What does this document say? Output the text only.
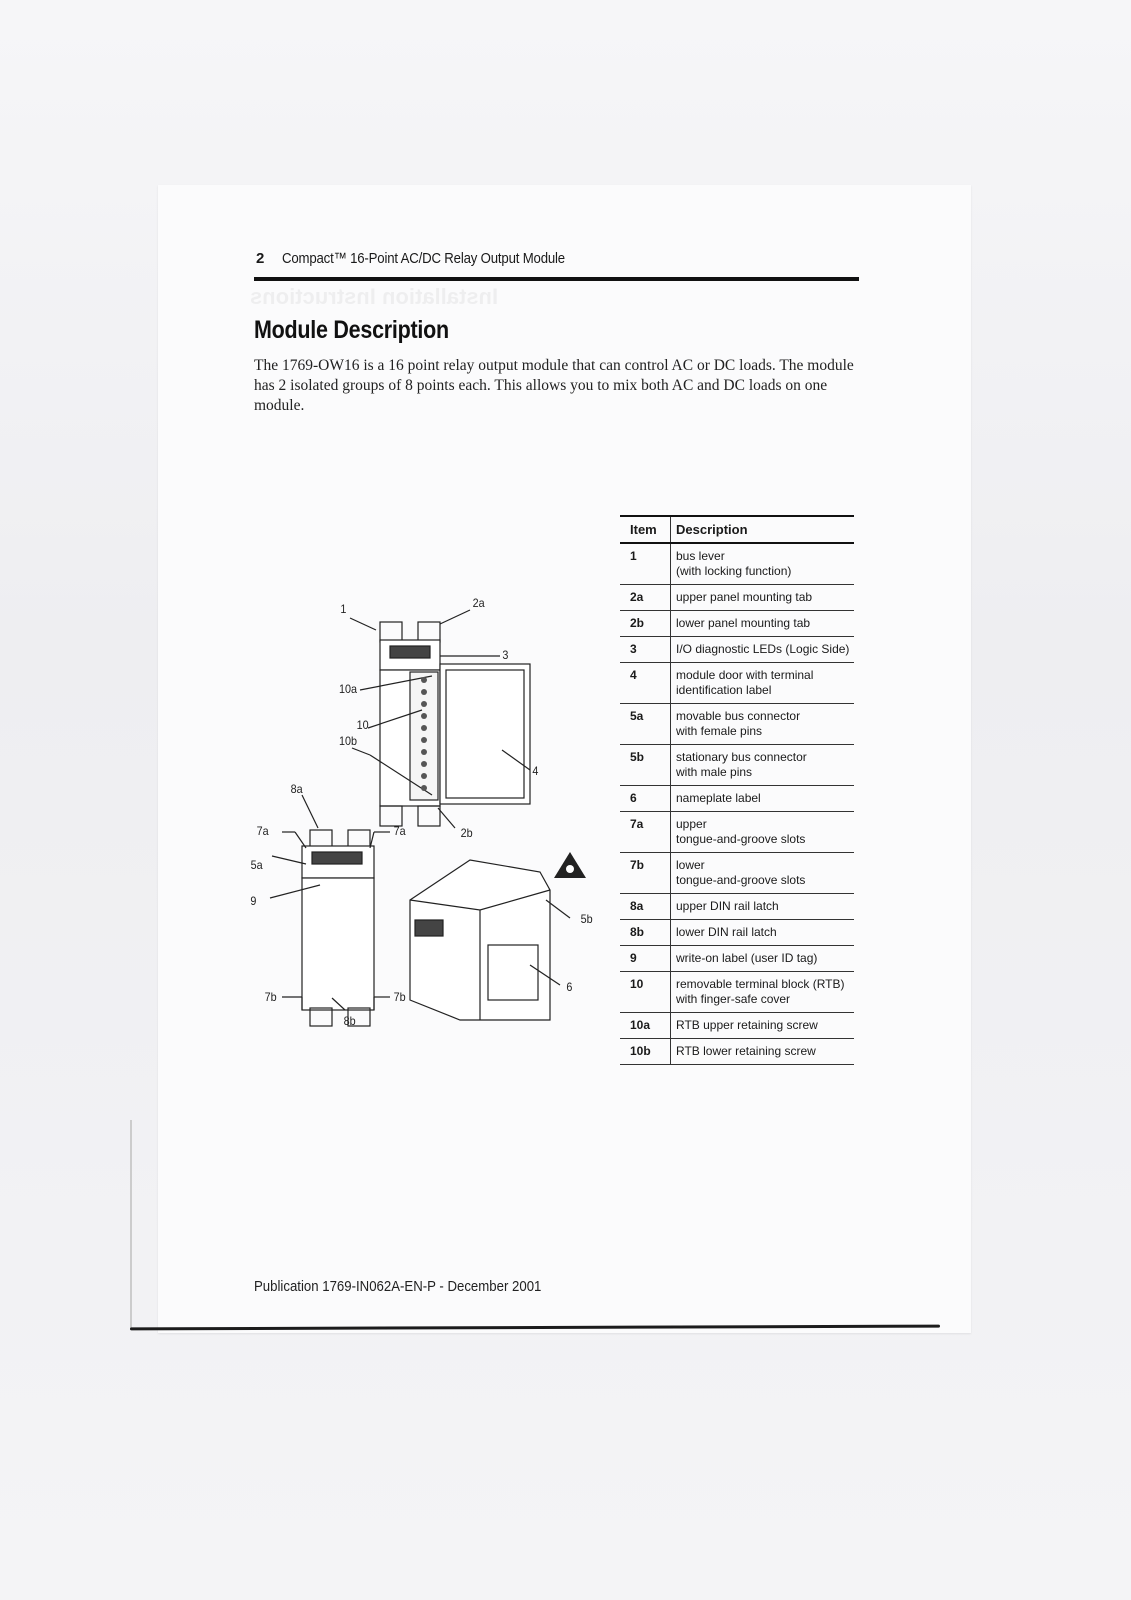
Installation Instructions
2 Compact™ 16-Point AC/DC Relay Output Module
Module Description
The 1769-OW16 is a 16 point relay output module that can control AC or DC loads. The module has 2 isolated groups of 8 points each. This allows you to mix both AC and DC loads on one module.
1	2a
3
10a
10
10b
4
8a
7a	7a	2b
5a
9
7b	7b
8b
5b
6
Item	Description
1	bus lever
(with locking function)

2a	upper panel mounting tab
2b	lower panel mounting tab
3	I/O diagnostic LEDs (Logic Side)
4	module door with terminal
identification label

5a	movable bus connector
with female pins

5b	stationary bus connector
with male pins

6	nameplate label
7a	upper
tongue-and-groove slots

7b	lower
tongue-and-groove slots

8a	upper DIN rail latch
8b	lower DIN rail latch
9	write-on label (user ID tag)
10	removable terminal block (RTB)
with finger-safe cover

10a	RTB upper retaining screw
10b	RTB lower retaining screw
Publication 1769-IN062A-EN-P - December 2001
